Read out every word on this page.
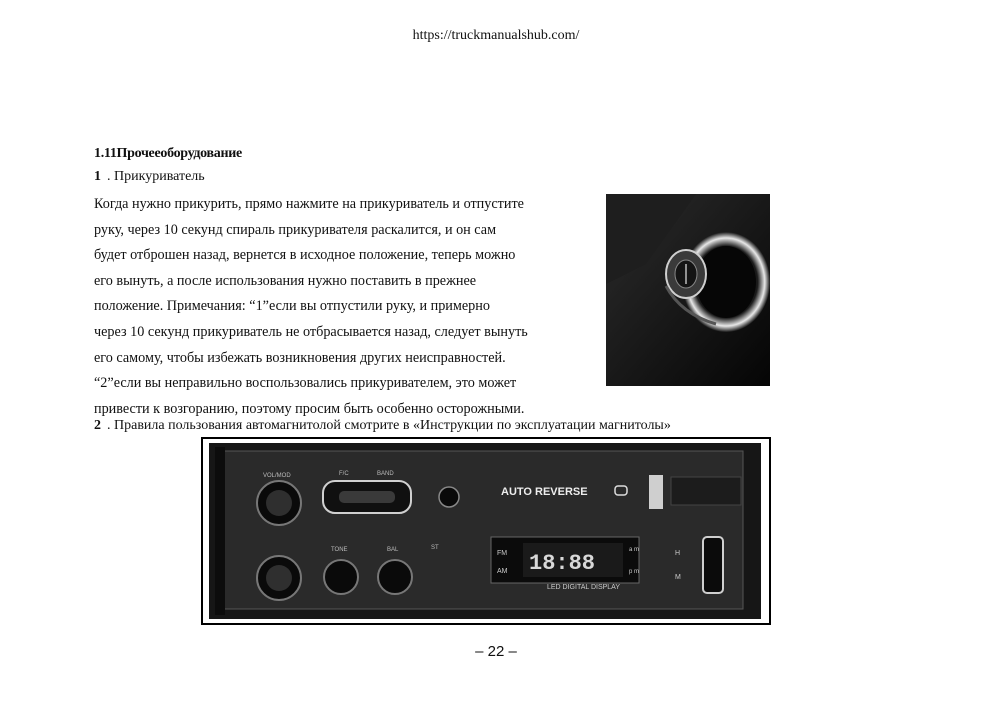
https://truckmanualshub.com/
1.11Прочееоборудование
1 . Прикуриватель
Когда нужно прикурить, прямо нажмите на прикуриватель и отпустите
руку, через 10 секунд спираль прикуривателя раскалится, и он сам
будет отброшен назад, вернется в исходное положение, теперь можно
его вынуть, а после использования нужно поставить в прежнее
положение. Примечания: “1”если вы отпустили руку, и примерно
через 10 секунд прикуриватель не отбрасывается назад, следует вынуть
его самому, чтобы избежать возникновения других неисправностей.
“2”если вы неправильно воспользовались прикуривателем, это может
привести к возгоранию, поэтому просим быть особенно осторожными.
2 . Правила пользования автомагнитолой смотрите в «Инструкции по эксплуатации магнитолы»
VOL/MOD	F/C	BAND
AUTO REVERSE
TONE	BAL	ST
18:88
FM
AM
a m
p m
LED DIGITAL DISPLAY
H
M
– 22 –
